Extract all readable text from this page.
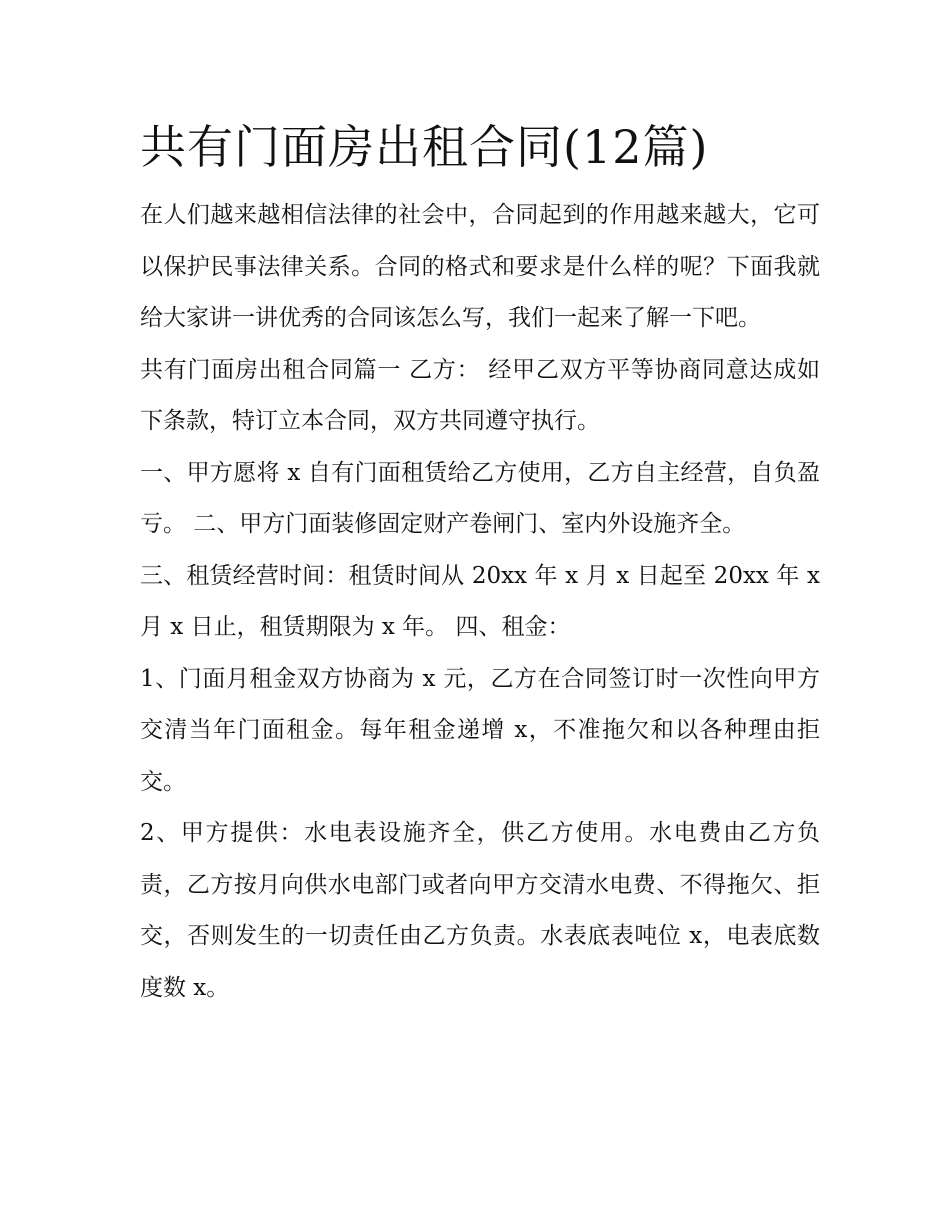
共有门面房出租合同(12篇)

在人们越来越相信法律的社会中，合同起到的作用越来越大，它可以保护民事法律关系。合同的格式和要求是什么样的呢？下面我就给大家讲一讲优秀的合同该怎么写，我们一起来了解一下吧。

共有门面房出租合同篇一 乙方： 经甲乙双方平等协商同意达成如下条款，特订立本合同，双方共同遵守执行。

一、甲方愿将 x 自有门面租赁给乙方使用，乙方自主经营，自负盈亏。 二、甲方门面装修固定财产卷闸门、室内外设施齐全。

三、租赁经营时间：租赁时间从 20xx 年 x 月 x 日起至 20xx 年 x 月 x 日止，租赁期限为 x 年。 四、租金：

1、门面月租金双方协商为 x 元，乙方在合同签订时一次性向甲方交清当年门面租金。每年租金递增 x，不准拖欠和以各种理由拒交。

2、甲方提供：水电表设施齐全，供乙方使用。水电费由乙方负责，乙方按月向供水电部门或者向甲方交清水电费、不得拖欠、拒交，否则发生的一切责任由乙方负责。水表底表吨位 x，电表底数度数 x。
